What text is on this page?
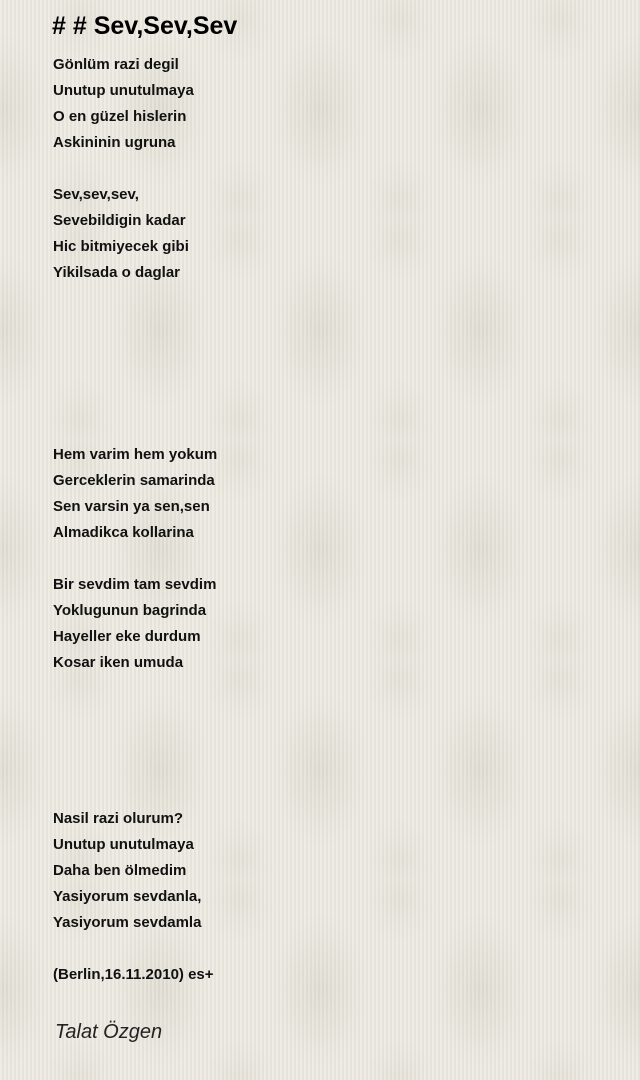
# # Sev,Sev,Sev
Gönlüm razi degil
Unutup unutulmaya
O en güzel hislerin
Askininin ugruna
Sev,sev,sev,
Sevebildigin kadar
Hic bitmiyecek gibi
Yikilsada o daglar
Hem varim hem yokum
Gerceklerin samarinda
Sen varsin ya sen,sen
Almadikca kollarina
Bir sevdim tam sevdim
Yoklugunun bagrinda
Hayeller eke durdum
Kosar iken umuda
Nasil razi olurum?
Unutup unutulmaya
Daha ben ölmedim
Yasiyorum sevdanla,
Yasiyorum sevdamla
(Berlin,16.11.2010) es+
Talat Özgen
